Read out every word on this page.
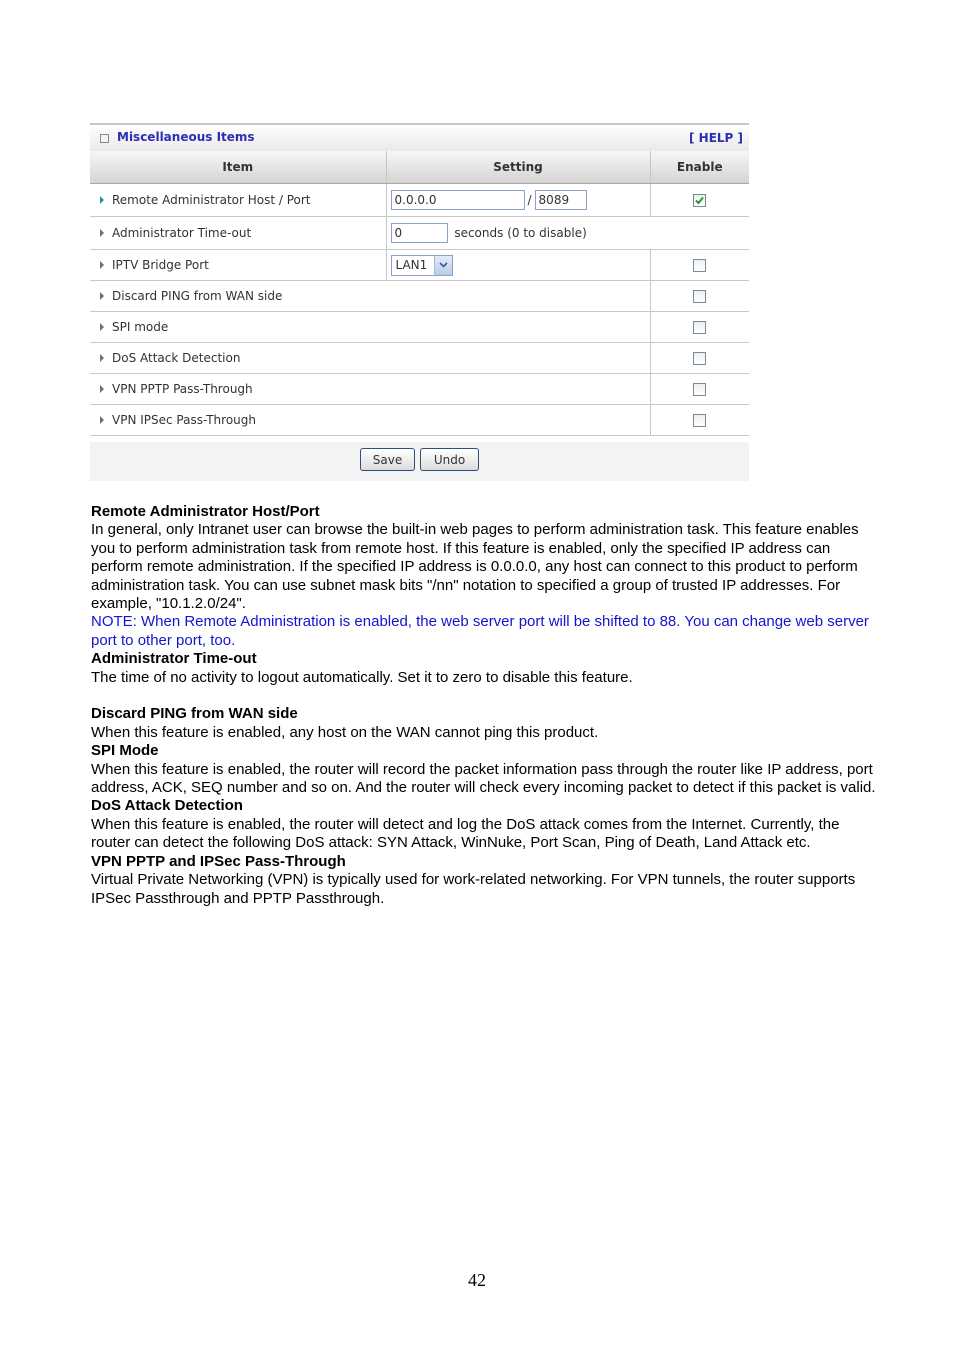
Miscellaneous Items	[ HELP ]
Item	Setting	Enable
Remote Administrator Host / Port	0.0.0.0/8089	

Administrator Time-out	0seconds (0 to disable)
IPTV Bridge Port	LAN1	

Discard PING from WAN side		
SPI mode		
DoS Attack Detection		
VPN PPTP Pass-Through		
VPN IPSec Pass-Through		
Save	Undo

Remote Administrator Host/Port

In general, only Intranet user can browse the built-in web pages to perform administration task. This feature enables you to perform administration task from remote host. If this feature is enabled, only the specified IP address can perform remote administration. If the specified IP address is 0.0.0.0, any host can connect to this product to perform administration task. You can use subnet mask bits "/nn" notation to specified a group of trusted IP addresses. For example, "10.1.2.0/24".

NOTE: When Remote Administration is enabled, the web server port will be shifted to 88. You can change web server port to other port, too.

Administrator Time-out

The time of no activity to logout automatically. Set it to zero to disable this feature.

Discard PING from WAN side

When this feature is enabled, any host on the WAN cannot ping this product.

SPI Mode

When this feature is enabled, the router will record the packet information pass through the router like IP address, port address, ACK, SEQ number and so on. And the router will check every incoming packet to detect if this packet is valid.

DoS Attack Detection

When this feature is enabled, the router will detect and log the DoS attack comes from the Internet. Currently, the router can detect the following DoS attack: SYN Attack, WinNuke, Port Scan, Ping of Death, Land Attack etc.

VPN PPTP and IPSec Pass-Through

Virtual Private Networking (VPN) is typically used for work-related networking. For VPN tunnels, the router supports IPSec Passthrough and PPTP Passthrough.

42
